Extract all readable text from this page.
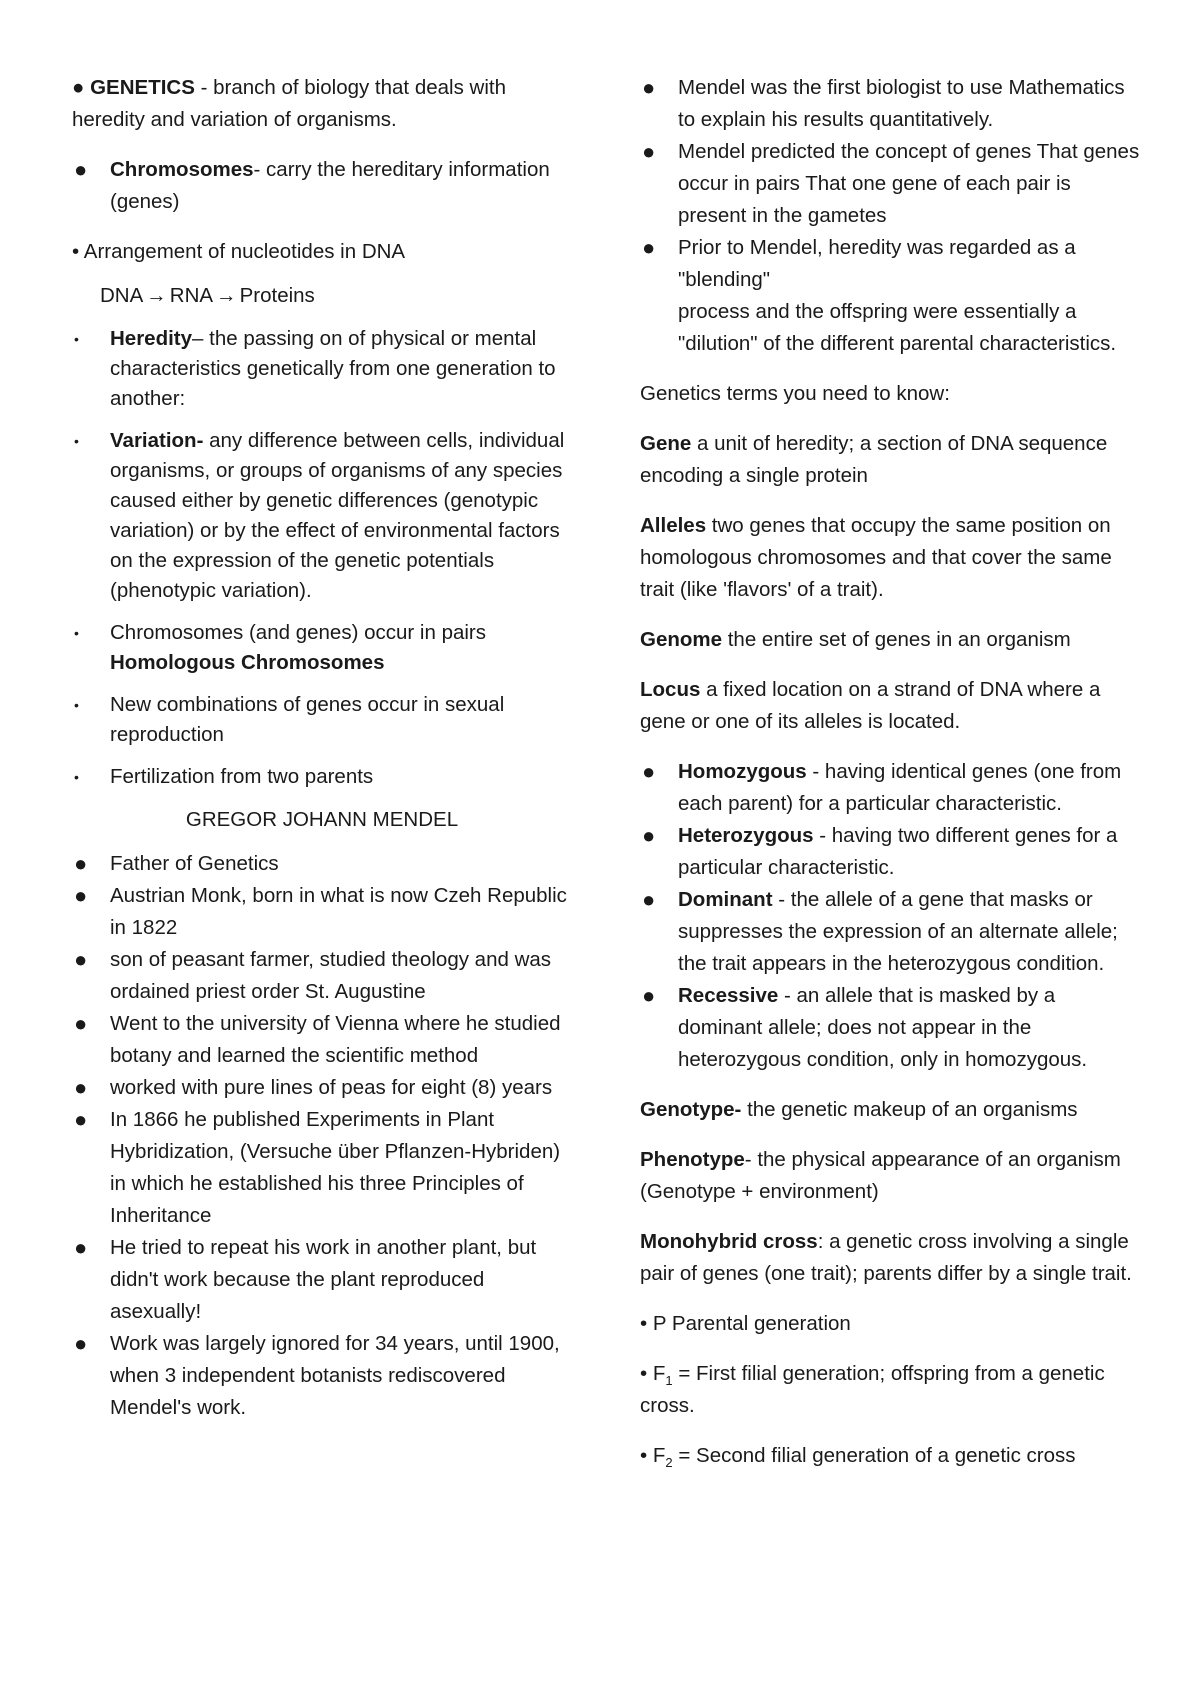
● GENETICS - branch of biology that deals with heredity and variation of organisms.

●	Chromosomes- carry the hereditary information (genes)

• Arrangement of nucleotides in DNA

DNA → RNA → Proteins

•	Heredity– the passing on of physical or mental characteristics genetically from one generation to another:
•	Variation- any difference between cells, individual organisms, or groups of organisms of any species caused either by genetic differences (genotypic variation) or by the effect of environmental factors on the expression of the genetic potentials (phenotypic variation).
•	Chromosomes (and genes) occur in pairs
Homologous Chromosomes
•	New combinations of genes occur in sexual reproduction
•	Fertilization from two parents

GREGOR JOHANN MENDEL

●	Father of Genetics
●	Austrian Monk, born in what is now Czeh Republic in 1822
●	son of peasant farmer, studied theology and was ordained priest order St. Augustine
●	Went to the university of Vienna where he studied botany and learned the scientific method
●	worked with pure lines of peas for eight (8) years
●	In 1866 he published Experiments in Plant Hybridization, (Versuche über Pflanzen-Hybriden) in which he established his three Principles of Inheritance
●	He tried to repeat his work in another plant, but didn't work because the plant reproduced asexually!
●	Work was largely ignored for 34 years, until 1900, when 3 independent botanists rediscovered Mendel's work.
●	Mendel was the first biologist to use Mathematics to explain his results quantitatively.
●	Mendel predicted the concept of genes That genes occur in pairs That one gene of each pair is present in the gametes
●	Prior to Mendel, heredity was regarded as a "blending"
process and the offspring were essentially a "dilution" of the different parental characteristics.

Genetics terms you need to know:

Gene a unit of heredity; a section of DNA sequence encoding a single protein

Alleles two genes that occupy the same position on homologous chromosomes and that cover the same trait (like 'flavors' of a trait).

Genome the entire set of genes in an organism

Locus a fixed location on a strand of DNA where a gene or one of its alleles is located.

●	Homozygous - having identical genes (one from each parent) for a particular characteristic.
●	Heterozygous - having two different genes for a particular characteristic.
●	Dominant - the allele of a gene that masks or suppresses the expression of an alternate allele; the trait appears in the heterozygous condition.
●	Recessive - an allele that is masked by a dominant allele; does not appear in the heterozygous condition, only in homozygous.

Genotype- the genetic makeup of an organisms

Phenotype- the physical appearance of an organism (Genotype + environment)

Monohybrid cross: a genetic cross involving a single pair of genes (one trait); parents differ by a single trait.

• P Parental generation

• $F_1$ = First filial generation; offspring from a genetic cross.

• $F_2$ = Second filial generation of a genetic cross
